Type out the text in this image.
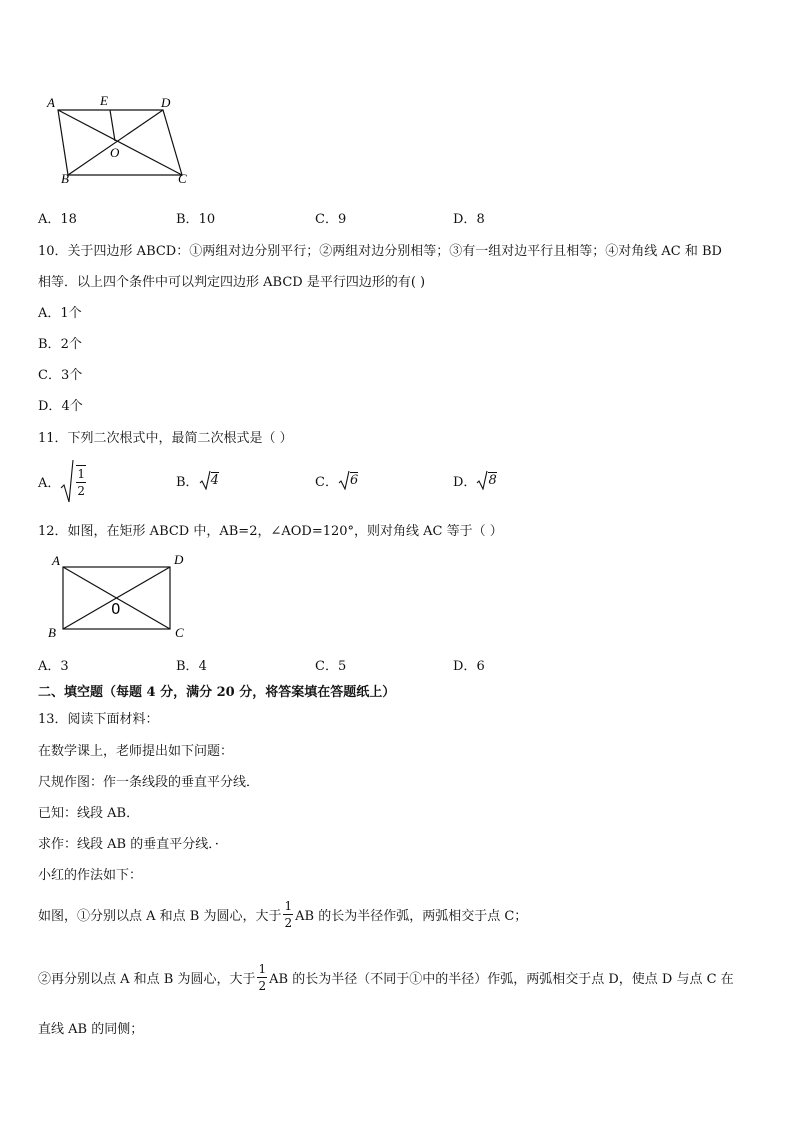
A	E	D
O
B	C
A．18	B．10	C．9	D．8
10．关于四边形 ABCD：①两组对边分别平行；②两组对边分别相等；③有一组对边平行且相等；④对角线 AC 和 BD
相等．以上四个条件中可以判定四边形 ABCD 是平行四边形的有( )
A．1个
B．2个
C．3个
D．4个
11．下列二次根式中，最简二次根式是（ ）
A． $\frac{1}{2}$	B． 4	C． 6	D． 8
12．如图，在矩形 ABCD 中，AB=2，∠AOD=120°，则对角线 AC 等于（ ）
A	D
0
B	C
A．3	B．4	C．5	D．6
二、填空题（每题 4 分，满分 20 分，将答案填在答题纸上）
13．阅读下面材料：
在数学课上，老师提出如下问题：
尺规作图：作一条线段的垂直平分线．
已知：线段 AB．
求作：线段 AB 的垂直平分线．·
小红的作法如下：
如图，①分别以点 A 和点 B 为圆心，大于 $\frac{1}{2}$ AB 的长为半径作弧，两弧相交于点 C；
②再分别以点 A 和点 B 为圆心，大于 $\frac{1}{2}$ AB 的长为半径（不同于①中的半径）作弧，两弧相交于点 D，使点 D 与点 C 在
直线 AB 的同侧；
